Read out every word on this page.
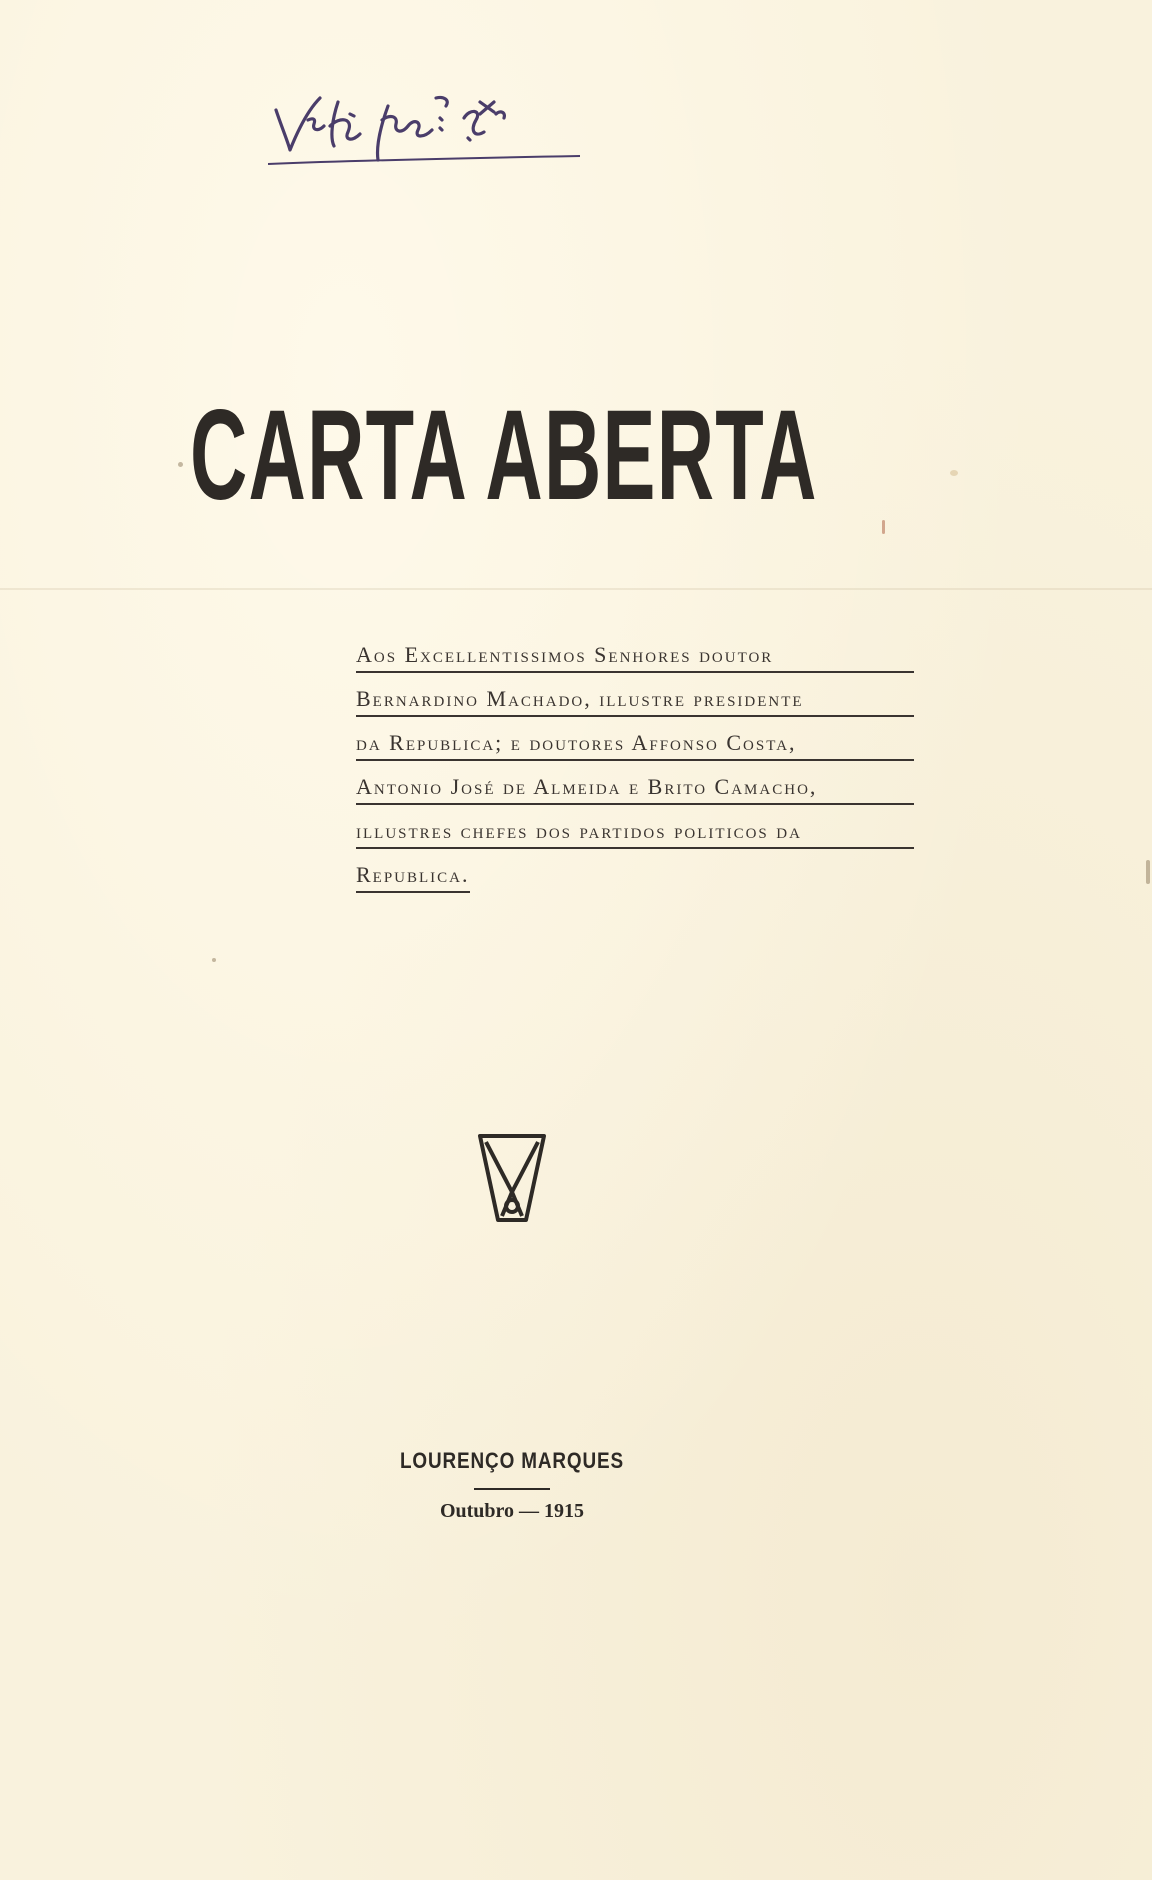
CARTA ABERTA
Aos Excellentissimos Senhores doutor
Bernardino Machado, illustre presidente
da Republica; e doutores Affonso Costa,
Antonio José de Almeida e Brito Camacho,
illustres chefes dos partidos politicos da
Republica.
LOURENÇO MARQUES
Outubro — 1915
